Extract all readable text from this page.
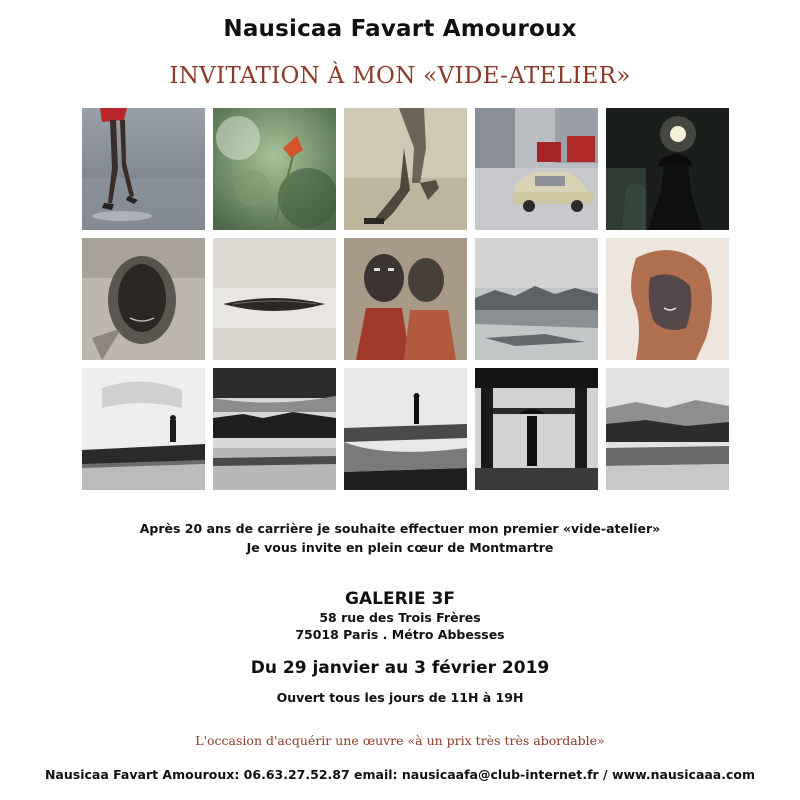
Nausicaa Favart Amouroux
INVITATION À MON «VIDE-ATELIER»
Après 20 ans de carrière je souhaite effectuer mon premier «vide-atelier»
Je vous invite en plein cœur de Montmartre
GALERIE 3F
58 rue des Trois Frères
75018 Paris . Métro Abbesses
Du 29 janvier au 3 février 2019
Ouvert tous les jours de 11H à 19H
L'occasion d'acquérir une œuvre «à un prix très très abordable»
Nausicaa Favart Amouroux: 06.63.27.52.87 email: nausicaafa@club-internet.fr / www.nausicaaa.com
